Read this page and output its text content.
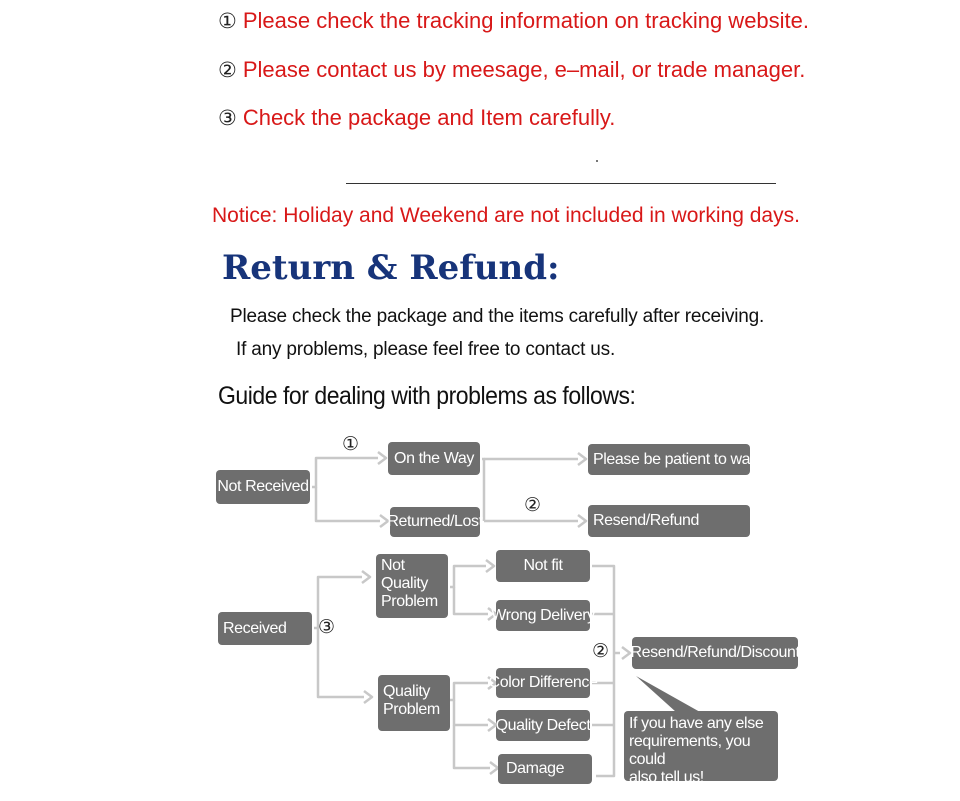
① Please check the tracking information on tracking website.
② Please contact us by meesage, e–mail, or trade manager.
③ Check the package and Item carefully.
Notice: Holiday and Weekend are not included in working days.
Return & Refund:
Please check the package and the items carefully after receiving.
If any problems, please feel free to contact us.
Guide for dealing with problems as follows:
Not Received
①
On the Way
Returned/Lost
Please be patient to wait
②
Resend/Refund
Received	③
Not
Quality
Problem
Quality
Problem
Not fit
Wrong Delivery
Color Difference
Quality Defect
Damage
② Resend/Refund/Discount
If you have any else
requirements, you could
also tell us!
